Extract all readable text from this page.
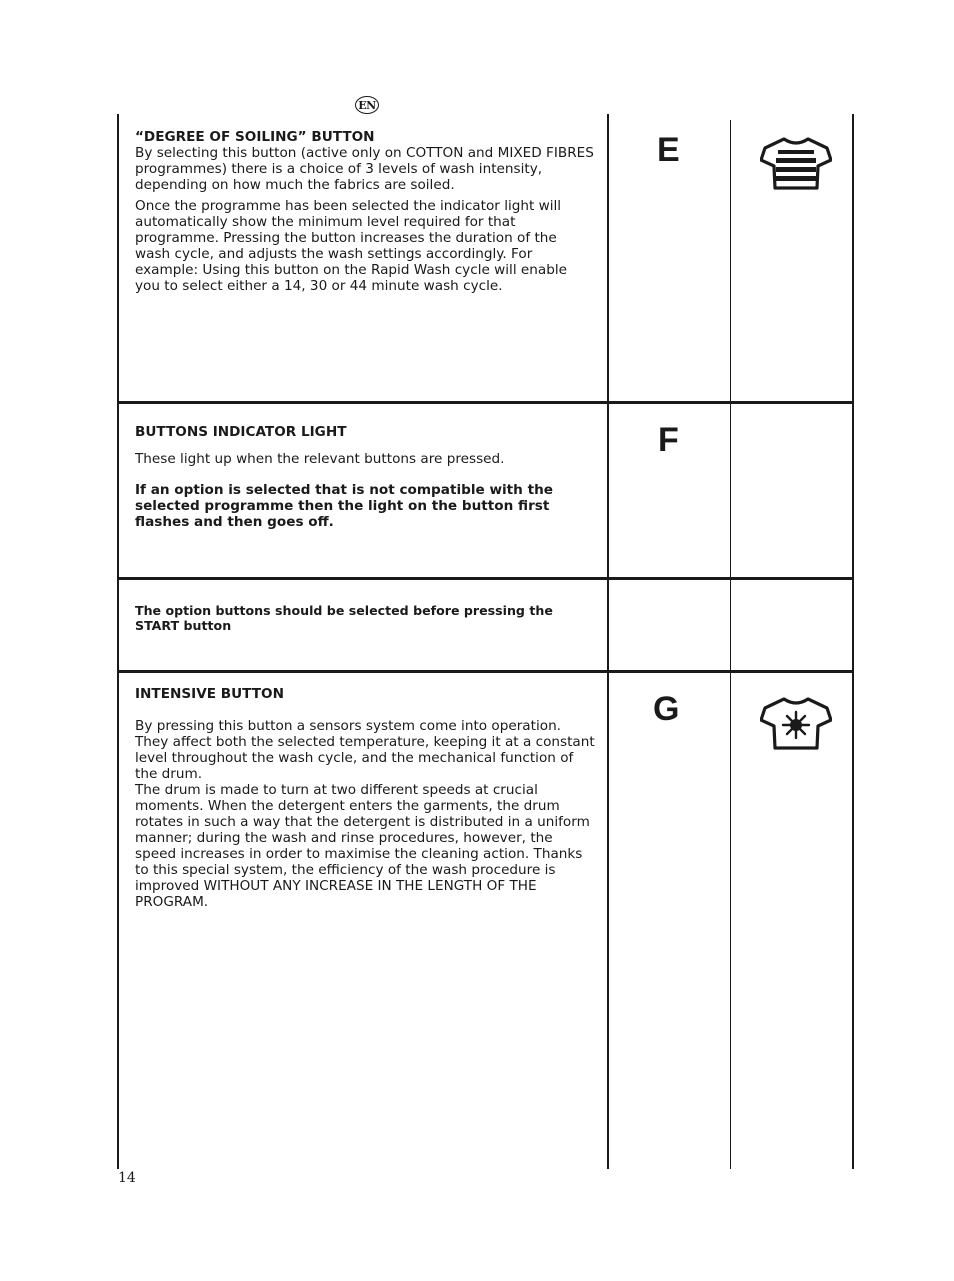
EN

“DEGREE OF SOILING” BUTTON

By selecting this button (active only on COTTON and MIXED FIBRES programmes) there is a choice of 3 levels of wash intensity, depending on how much the fabrics are soiled.

Once the programme has been selected the indicator light will automatically show the minimum level required for that programme. Pressing the button increases the duration of the wash cycle, and adjusts the wash settings accordingly. For example: Using this button on the Rapid Wash cycle will enable you to select either a 14, 30 or 44 minute wash cycle.

E

BUTTONS INDICATOR LIGHT

These light up when the relevant buttons are pressed.

If an option is selected that is not compatible with the selected programme then the light on the button first flashes and then goes off.

F

The option buttons should be selected before pressing the START button

INTENSIVE BUTTON

By pressing this button a sensors system come into operation. They affect both the selected temperature, keeping it at a constant level throughout the wash cycle, and the mechanical function of the drum.

The drum is made to turn at two different speeds at crucial moments. When the detergent enters the garments, the drum rotates in such a way that the detergent is distributed in a uniform manner; during the wash and rinse procedures, however, the speed increases in order to maximise the cleaning action. Thanks to this special system, the efficiency of the wash procedure is improved WITHOUT ANY INCREASE IN THE LENGTH OF THE PROGRAM.

G
14
